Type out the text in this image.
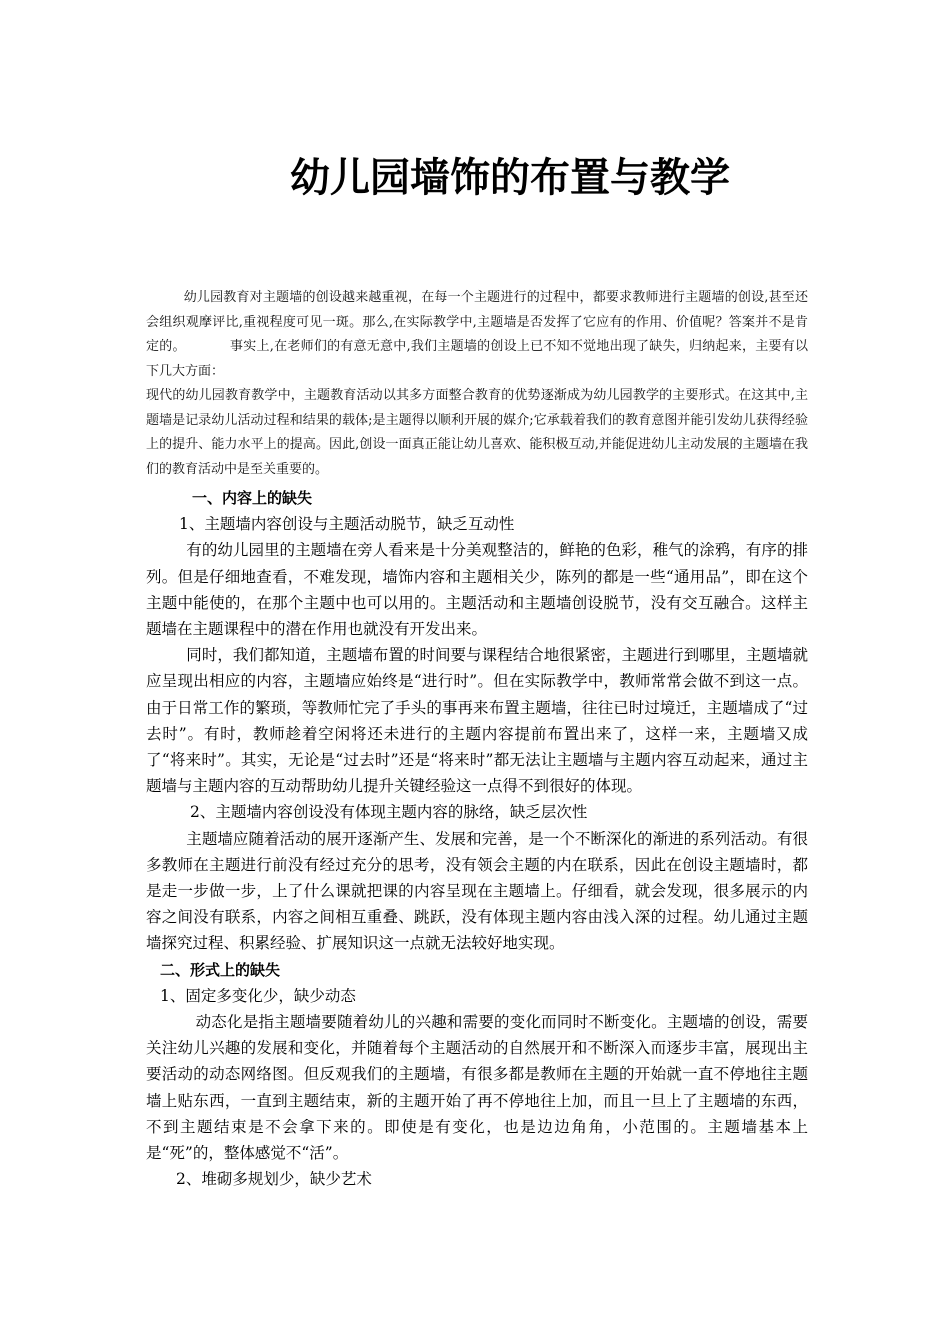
幼儿园墙饰的布置与教学

幼儿园教育对主题墙的创设越来越重视，在每一个主题进行的过程中，都要求教师进行主题墙的创设,甚至还会组织观摩评比,重视程度可见一斑。那么,在实际教学中,主题墙是否发挥了它应有的作用、价值呢？答案并不是肯定的。	事实上,在老师们的有意无意中,我们主题墙的创设上已不知不觉地出现了缺失，归纳起来，主要有以下几大方面：

现代的幼儿园教育教学中，主题教育活动以其多方面整合教育的优势逐渐成为幼儿园教学的主要形式。在这其中,主题墙是记录幼儿活动过程和结果的载体;是主题得以顺利开展的媒介;它承载着我们的教育意图并能引发幼儿获得经验上的提升、能力水平上的提高。因此,创设一面真正能让幼儿喜欢、能积极互动,并能促进幼儿主动发展的主题墙在我们的教育活动中是至关重要的。

一、内容上的缺失

1、主题墙内容创设与主题活动脱节，缺乏互动性

有的幼儿园里的主题墙在旁人看来是十分美观整洁的，鲜艳的色彩，稚气的涂鸦，有序的排列。但是仔细地查看，不难发现，墙饰内容和主题相关少，陈列的都是一些“通用品”，即在这个主题中能使的，在那个主题中也可以用的。主题活动和主题墙创设脱节，没有交互融合。这样主题墙在主题课程中的潜在作用也就没有开发出来。

同时，我们都知道，主题墙布置的时间要与课程结合地很紧密，主题进行到哪里，主题墙就应呈现出相应的内容，主题墙应始终是“进行时”。但在实际教学中，教师常常会做不到这一点。由于日常工作的繁琐，等教师忙完了手头的事再来布置主题墙，往往已时过境迁，主题墙成了“过去时”。有时，教师趁着空闲将还未进行的主题内容提前布置出来了，这样一来，主题墙又成了“将来时”。其实，无论是“过去时”还是“将来时”都无法让主题墙与主题内容互动起来，通过主题墙与主题内容的互动帮助幼儿提升关键经验这一点得不到很好的体现。

2、主题墙内容创设没有体现主题内容的脉络，缺乏层次性

主题墙应随着活动的展开逐渐产生、发展和完善，是一个不断深化的渐进的系列活动。有很多教师在主题进行前没有经过充分的思考，没有领会主题的内在联系，因此在创设主题墙时，都是走一步做一步，上了什么课就把课的内容呈现在主题墙上。仔细看，就会发现，很多展示的内容之间没有联系，内容之间相互重叠、跳跃，没有体现主题内容由浅入深的过程。幼儿通过主题墙探究过程、积累经验、扩展知识这一点就无法较好地实现。

二、形式上的缺失

1、固定多变化少，缺少动态

动态化是指主题墙要随着幼儿的兴趣和需要的变化而同时不断变化。主题墙的创设，需要关注幼儿兴趣的发展和变化，并随着每个主题活动的自然展开和不断深入而逐步丰富，展现出主要活动的动态网络图。但反观我们的主题墙，有很多都是教师在主题的开始就一直不停地往主题墙上贴东西，一直到主题结束，新的主题开始了再不停地往上加，而且一旦上了主题墙的东西，不到主题结束是不会拿下来的。即使是有变化，也是边边角角，小范围的。主题墙基本上是“死”的，整体感觉不“活”。

2、堆砌多规划少，缺少艺术
